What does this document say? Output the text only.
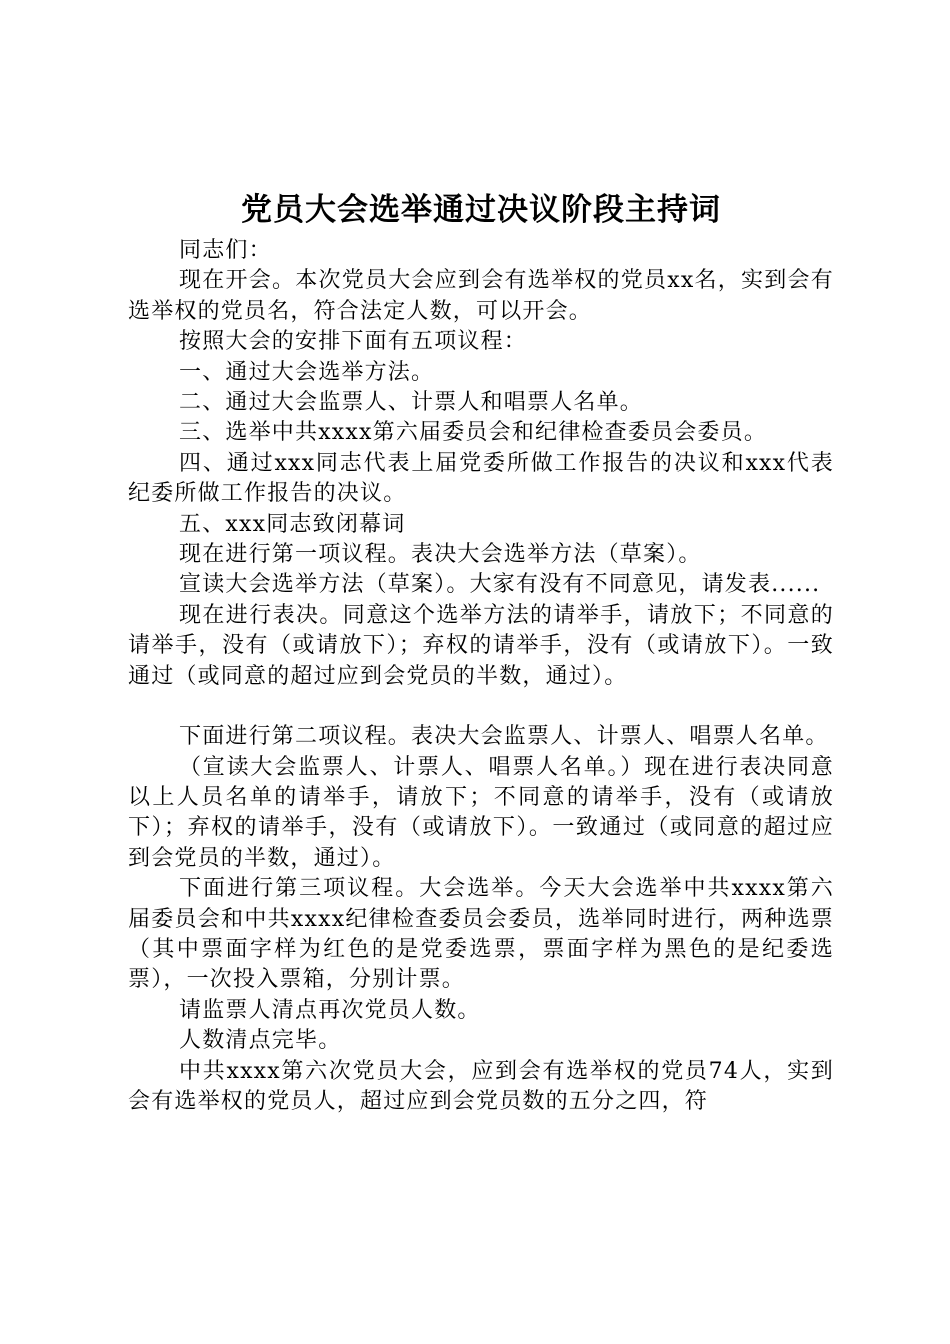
党员大会选举通过决议阶段主持词

同志们：

现在开会。本次党员大会应到会有选举权的党员xx名，实到会有选举权的党员名，符合法定人数，可以开会。

按照大会的安排下面有五项议程：

一、通过大会选举方法。

二、通过大会监票人、计票人和唱票人名单。

三、选举中共xxxx第六届委员会和纪律检查委员会委员。

四、通过xxx同志代表上届党委所做工作报告的决议和xxx代表纪委所做工作报告的决议。

五、xxx同志致闭幕词

现在进行第一项议程。表决大会选举方法（草案）。

宣读大会选举方法（草案）。大家有没有不同意见，请发表......

现在进行表决。同意这个选举方法的请举手，请放下；不同意的请举手，没有（或请放下）；弃权的请举手，没有（或请放下）。一致通过（或同意的超过应到会党员的半数，通过）。

下面进行第二项议程。表决大会监票人、计票人、唱票人名单。

（宣读大会监票人、计票人、唱票人名单。）现在进行表决同意以上人员名单的请举手，请放下；不同意的请举手，没有（或请放下）；弃权的请举手，没有（或请放下）。一致通过（或同意的超过应到会党员的半数，通过）。

下面进行第三项议程。大会选举。今天大会选举中共xxxx第六届委员会和中共xxxx纪律检查委员会委员，选举同时进行，两种选票（其中票面字样为红色的是党委选票，票面字样为黑色的是纪委选票），一次投入票箱，分别计票。

请监票人清点再次党员人数。

人数清点完毕。

中共xxxx第六次党员大会，应到会有选举权的党员74人，实到会有选举权的党员人，超过应到会党员数的五分之四，符
